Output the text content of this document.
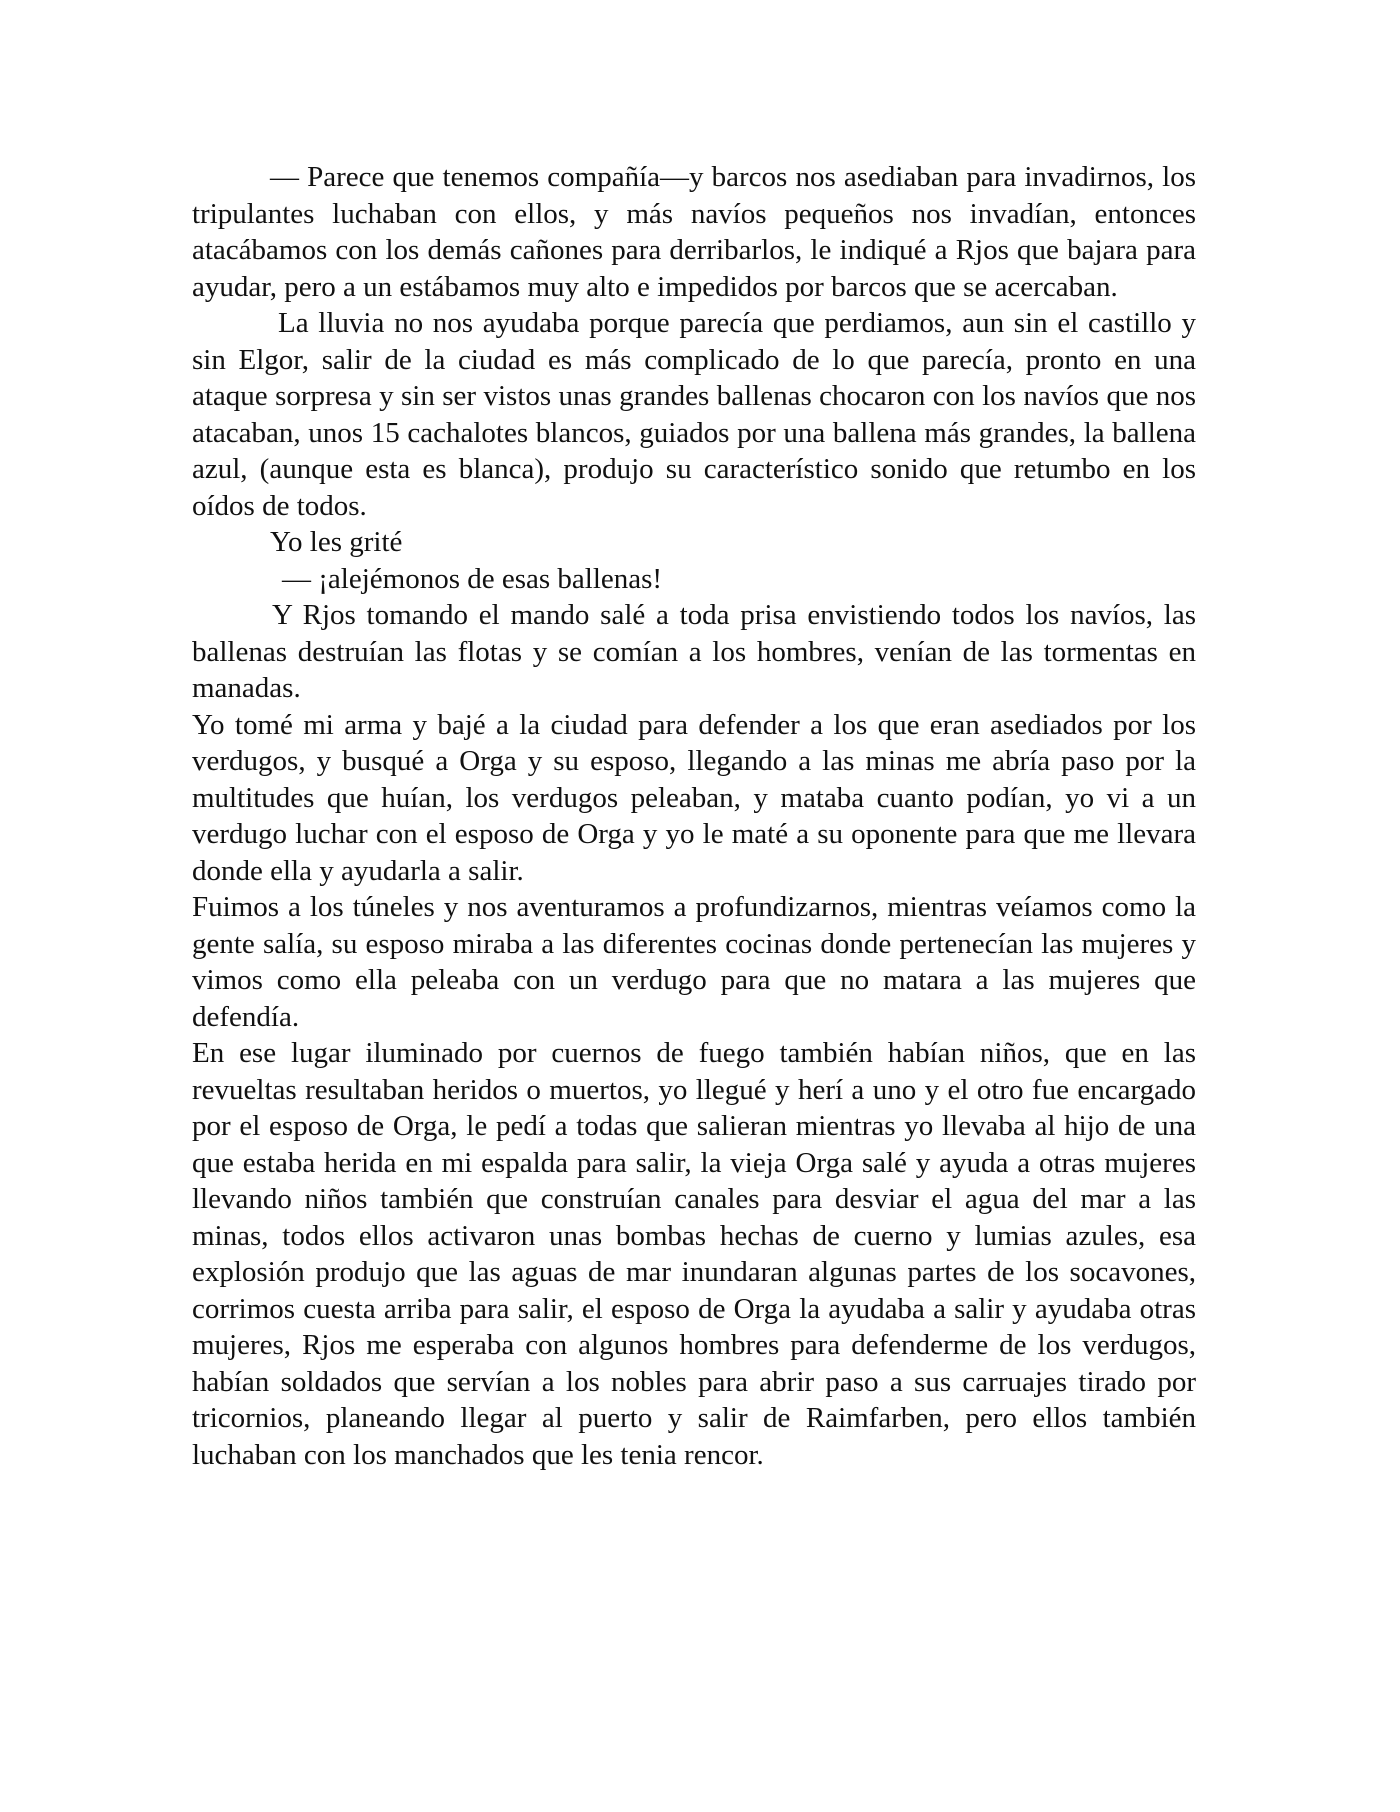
— Parece que tenemos compañía—y barcos nos asediaban para invadirnos, los tripulantes luchaban con ellos, y más navíos pequeños nos invadían, entonces atacábamos con los demás cañones para derribarlos, le indiqué a Rjos que bajara para ayudar, pero a un estábamos muy alto e impedidos por barcos que se acercaban.

La lluvia no nos ayudaba porque parecía que perdiamos, aun sin el castillo y sin Elgor, salir de la ciudad es más complicado de lo que parecía, pronto en una ataque sorpresa y sin ser vistos unas grandes ballenas chocaron con los navíos que nos atacaban, unos 15 cachalotes blancos, guiados por una ballena más grandes, la ballena azul, (aunque esta es blanca), produjo su característico sonido que retumbo en los oídos de todos.

Yo les grité

— ¡alejémonos de esas ballenas!

Y Rjos tomando el mando salé a toda prisa envistiendo todos los navíos, las ballenas destruían las flotas y se comían a los hombres, venían de las tormentas en manadas.

Yo tomé mi arma y bajé a la ciudad para defender a los que eran asediados por los verdugos, y busqué a Orga y su esposo, llegando a las minas me abría paso por la multitudes que huían, los verdugos peleaban, y mataba cuanto podían, yo vi a un verdugo luchar con el esposo de Orga y yo le maté a su oponente para que me llevara donde ella y ayudarla a salir.

Fuimos a los túneles y nos aventuramos a profundizarnos, mientras veíamos como la gente salía, su esposo miraba a las diferentes cocinas donde pertenecían las mujeres y vimos como ella peleaba con un verdugo para que no matara a las mujeres que defendía.

En ese lugar iluminado por cuernos de fuego también habían niños, que en las revueltas resultaban heridos o muertos, yo llegué y herí a uno y el otro fue encargado por el esposo de Orga, le pedí a todas que salieran mientras yo llevaba al hijo de una que estaba herida en mi espalda para salir, la vieja Orga salé y ayuda a otras mujeres llevando niños también que construían canales para desviar el agua del mar a las minas, todos ellos activaron unas bombas hechas de cuerno y lumias azules, esa explosión produjo que las aguas de mar inundaran algunas partes de los socavones, corrimos cuesta arriba para salir, el esposo de Orga la ayudaba a salir y ayudaba otras mujeres, Rjos me esperaba con algunos hombres para defenderme de los verdugos, habían soldados que servían a los nobles para abrir paso a sus carruajes tirado por tricornios, planeando llegar al puerto y salir de Raimfarben, pero ellos también luchaban con los manchados que les tenia rencor.
